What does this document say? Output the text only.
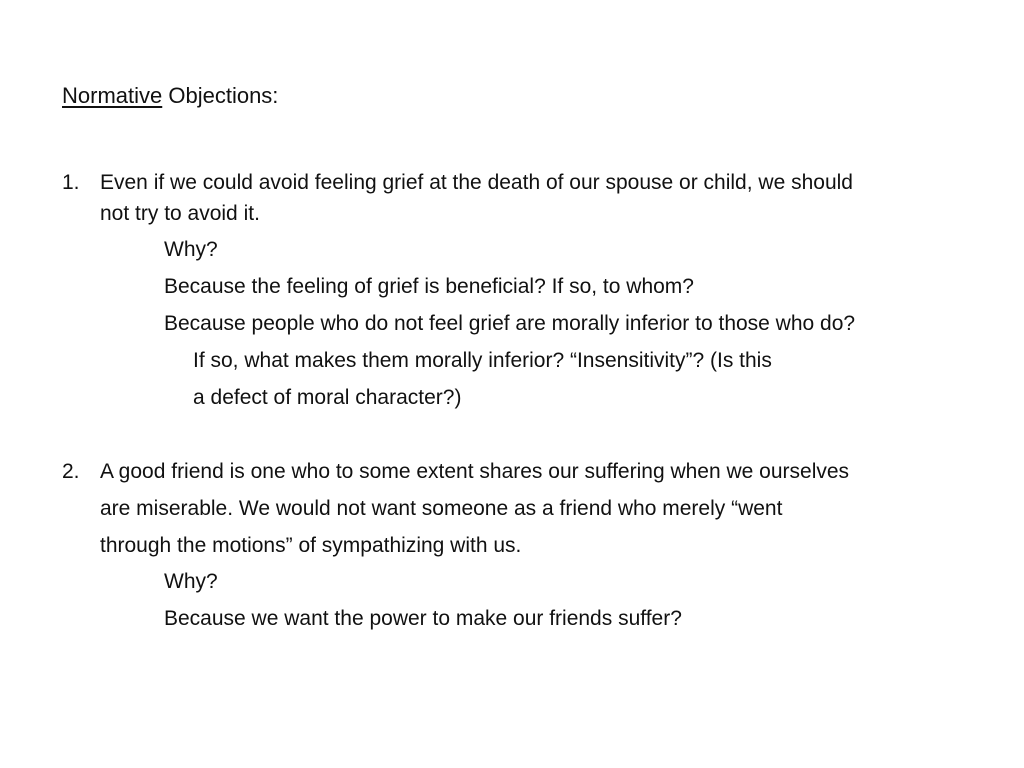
Normative Objections:
1. Even if we could avoid feeling grief at the death of our spouse or child, we should
not try to avoid it.
Why?
Because the feeling of grief is beneficial? If so, to whom?
Because people who do not feel grief are morally inferior to those who do?
If so, what makes them morally inferior? “Insensitivity”? (Is this
a defect of moral character?)
2. A good friend is one who to some extent shares our suffering when we ourselves
are miserable. We would not want someone as a friend who merely “went
through the motions” of sympathizing with us.
Why?
Because we want the power to make our friends suffer?
